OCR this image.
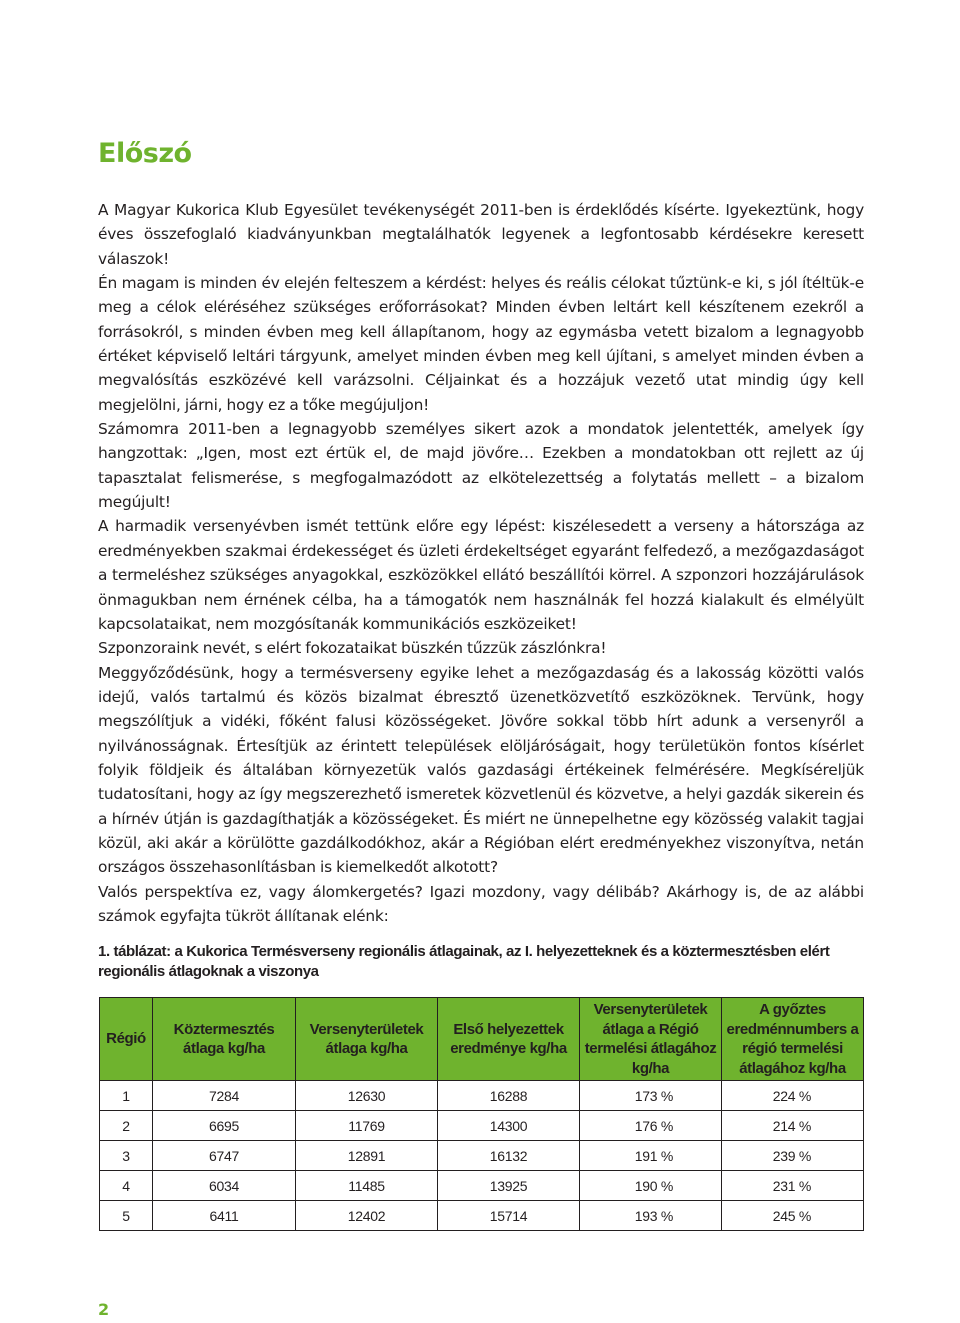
Előszó

A Magyar Kukorica Klub Egyesület tevékenységét 2011-ben is érdeklődés kísérte. Igyekeztünk, hogy éves összefoglaló kiadványunkban megtalálhatók legyenek a legfontosabb kérdésekre keresett válaszok!

Én magam is minden év elején felteszem a kérdést: helyes és reális célokat tűztünk-e ki, s jól ítéltük-e meg a célok eléréséhez szükséges erőforrásokat? Minden évben leltárt kell készítenem ezekről a forrásokról, s minden évben meg kell állapítanom, hogy az egymásba vetett bizalom a legnagyobb értéket képviselő leltári tárgyunk, amelyet minden évben meg kell újítani, s amelyet minden évben a megvalósítás eszközévé kell varázsolni. Céljainkat és a hozzájuk vezető utat mindig úgy kell megjelölni, járni, hogy ez a tőke megújuljon!

Számomra 2011-ben a legnagyobb személyes sikert azok a mondatok jelentették, amelyek így hangzottak: „Igen, most ezt értük el, de majd jövőre… Ezekben a mondatokban ott rejlett az új tapasztalat felismerése, s megfogalmazódott az elkötelezettség a folytatás mellett – a bizalom megújult!

A harmadik versenyévben ismét tettünk előre egy lépést: kiszélesedett a verseny a hátországa az eredményekben szakmai érdekességet és üzleti érdekeltséget egyaránt felfedező, a mezőgazdaságot a termeléshez szükséges anyagokkal, eszközökkel ellátó beszállítói körrel. A szponzori hozzájárulások önmagukban nem érnének célba, ha a támogatók nem használnák fel hozzá kialakult és elmélyült kapcsolataikat, nem mozgósítanák kommunikációs eszközeiket!

Szponzoraink nevét, s elért fokozataikat büszkén tűzzük zászlónkra!

Meggyőződésünk, hogy a termésverseny egyike lehet a mezőgazdaság és a lakosság közötti valós idejű, valós tartalmú és közös bizalmat ébresztő üzenetközvetítő eszközöknek. Tervünk, hogy megszólítjuk a vidéki, főként falusi közösségeket. Jövőre sokkal több hírt adunk a versenyről a nyilvánosságnak. Értesítjük az érintett települések elöljáróságait, hogy területükön fontos kísérlet folyik földjeik és általában környezetük valós gazdasági értékeinek felmérésére. Megkíséreljük tudatosítani, hogy az így megszerezhető ismeretek közvetlenül és közvetve, a helyi gazdák sikerein és a hírnév útján is gazdagíthatják a közösségeket. És miért ne ünnepelhetne egy közösség valakit tagjai közül, aki akár a körülötte gazdálkodókhoz, akár a Régióban elért eredményekhez viszonyítva, netán országos összehasonlításban is kiemelkedőt alkotott?

Valós perspektíva ez, vagy álomkergetés? Igazi mozdony, vagy délibáb? Akárhogy is, de az alábbi számok egyfajta tükröt állítanak elénk:

1. táblázat: a Kukorica Termésverseny regionális átlagainak, az I. helyezetteknek és a köztermesztésben elért regionális átlagoknak a viszonya

Régió	Köztermesztés átlaga kg/ha	Versenyterületek átlaga kg/ha	Első helyezettek eredménye kg/ha	Versenyterületek átlaga a Régió termelési átlagához kg/ha	A győztes eredménnumbers a régió termelési átlagához kg/ha
1	7284	12630	16288	173 %	224 %
2	6695	11769	14300	176 %	214 %
3	6747	12891	16132	191 %	239 %
4	6034	11485	13925	190 %	231 %
5	6411	12402	15714	193 %	245 %
2
